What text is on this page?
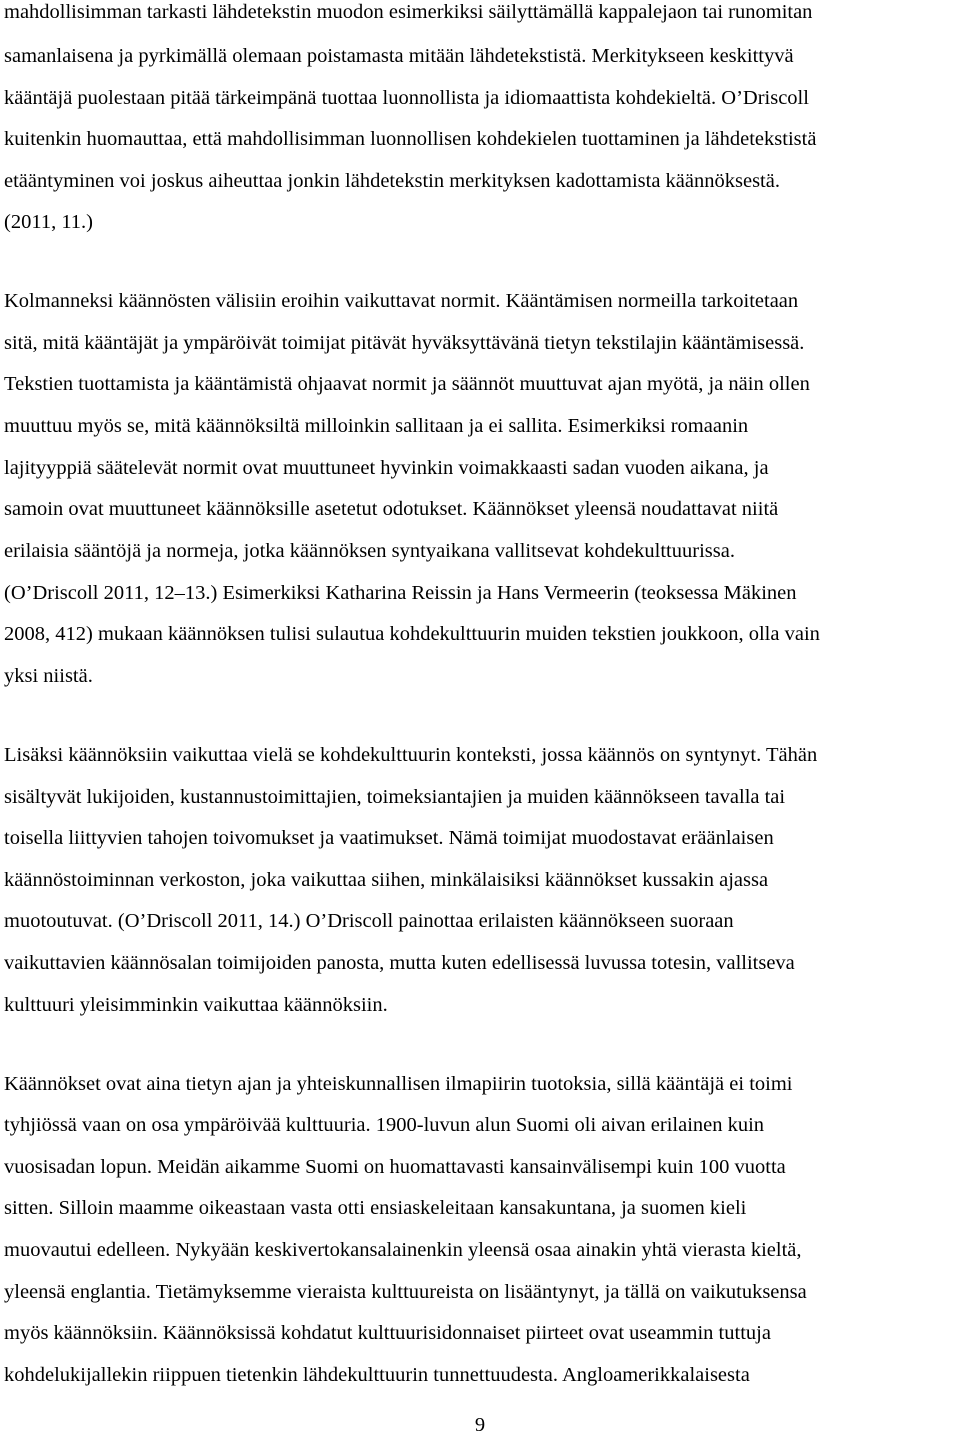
mahdollisimman tarkasti lähdetekstin muodon esimerkiksi säilyttämällä kappalejaon tai runomitan
samanlaisena ja pyrkimällä olemaan poistamasta mitään lähdetekstistä. Merkitykseen keskittyvä
kääntäjä puolestaan pitää tärkeimpänä tuottaa luonnollista ja idiomaattista kohdekieltä. O’Driscoll
kuitenkin huomauttaa, että mahdollisimman luonnollisen kohdekielen tuottaminen ja lähdetekstistä
etääntyminen voi joskus aiheuttaa jonkin lähdetekstin merkityksen kadottamista käännöksestä.
(2011, 11.)
Kolmanneksi käännösten välisiin eroihin vaikuttavat normit. Kääntämisen normeilla tarkoitetaan
sitä, mitä kääntäjät ja ympäröivät toimijat pitävät hyväksyttävänä tietyn tekstilajin kääntämisessä.
Tekstien tuottamista ja kääntämistä ohjaavat normit ja säännöt muuttuvat ajan myötä, ja näin ollen
muuttuu myös se, mitä käännöksiltä milloinkin sallitaan ja ei sallita. Esimerkiksi romaanin
lajityyppiä säätelevät normit ovat muuttuneet hyvinkin voimakkaasti sadan vuoden aikana, ja
samoin ovat muuttuneet käännöksille asetetut odotukset. Käännökset yleensä noudattavat niitä
erilaisia sääntöjä ja normeja, jotka käännöksen syntyaikana vallitsevat kohdekulttuurissa.
(O’Driscoll 2011, 12–13.) Esimerkiksi Katharina Reissin ja Hans Vermeerin (teoksessa Mäkinen
2008, 412) mukaan käännöksen tulisi sulautua kohdekulttuurin muiden tekstien joukkoon, olla vain
yksi niistä.
Lisäksi käännöksiin vaikuttaa vielä se kohdekulttuurin konteksti, jossa käännös on syntynyt. Tähän
sisältyvät lukijoiden, kustannustoimittajien, toimeksiantajien ja muiden käännökseen tavalla tai
toisella liittyvien tahojen toivomukset ja vaatimukset. Nämä toimijat muodostavat eräänlaisen
käännöstoiminnan verkoston, joka vaikuttaa siihen, minkälaisiksi käännökset kussakin ajassa
muotoutuvat. (O’Driscoll 2011, 14.) O’Driscoll painottaa erilaisten käännökseen suoraan
vaikuttavien käännösalan toimijoiden panosta, mutta kuten edellisessä luvussa totesin, vallitseva
kulttuuri yleisimminkin vaikuttaa käännöksiin.
Käännökset ovat aina tietyn ajan ja yhteiskunnallisen ilmapiirin tuotoksia, sillä kääntäjä ei toimi
tyhjiössä vaan on osa ympäröivää kulttuuria. 1900-luvun alun Suomi oli aivan erilainen kuin
vuosisadan lopun. Meidän aikamme Suomi on huomattavasti kansainvälisempi kuin 100 vuotta
sitten. Silloin maamme oikeastaan vasta otti ensiaskeleitaan kansakuntana, ja suomen kieli
muovautui edelleen. Nykyään keskivertokansalainenkin yleensä osaa ainakin yhtä vierasta kieltä,
yleensä englantia. Tietämyksemme vieraista kulttuureista on lisääntynyt, ja tällä on vaikutuksensa
myös käännöksiin. Käännöksissä kohdatut kulttuurisidonnaiset piirteet ovat useammin tuttuja
kohdelukijallekin riippuen tietenkin lähdekulttuurin tunnettuudesta. Angloamerikkalaisesta
9
